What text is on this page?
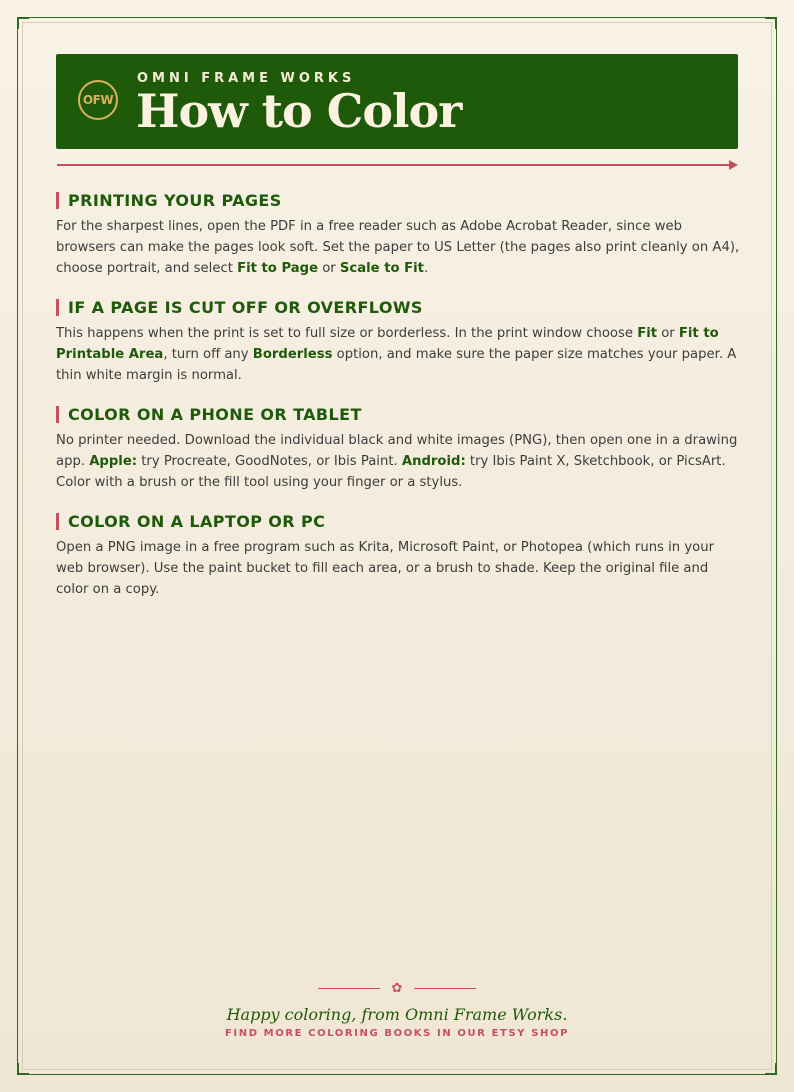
OFW
OMNI FRAME WORKS
How to Color
PRINTING YOUR PAGES
For the sharpest lines, open the PDF in a free reader such as Adobe Acrobat Reader, since web browsers can make the pages look soft. Set the paper to US Letter (the pages also print cleanly on A4), choose portrait, and select Fit to Page or Scale to Fit.
IF A PAGE IS CUT OFF OR OVERFLOWS
This happens when the print is set to full size or borderless. In the print window choose Fit or Fit to Printable Area, turn off any Borderless option, and make sure the paper size matches your paper. A thin white margin is normal.
COLOR ON A PHONE OR TABLET
No printer needed. Download the individual black and white images (PNG), then open one in a drawing app. Apple: try Procreate, GoodNotes, or Ibis Paint. Android: try Ibis Paint X, Sketchbook, or PicsArt. Color with a brush or the fill tool using your finger or a stylus.
COLOR ON A LAPTOP OR PC
Open a PNG image in a free program such as Krita, Microsoft Paint, or Photopea (which runs in your web browser). Use the paint bucket to fill each area, or a brush to shade. Keep the original file and color on a copy.
✿
Happy coloring, from Omni Frame Works.
FIND MORE COLORING BOOKS IN OUR ETSY SHOP
